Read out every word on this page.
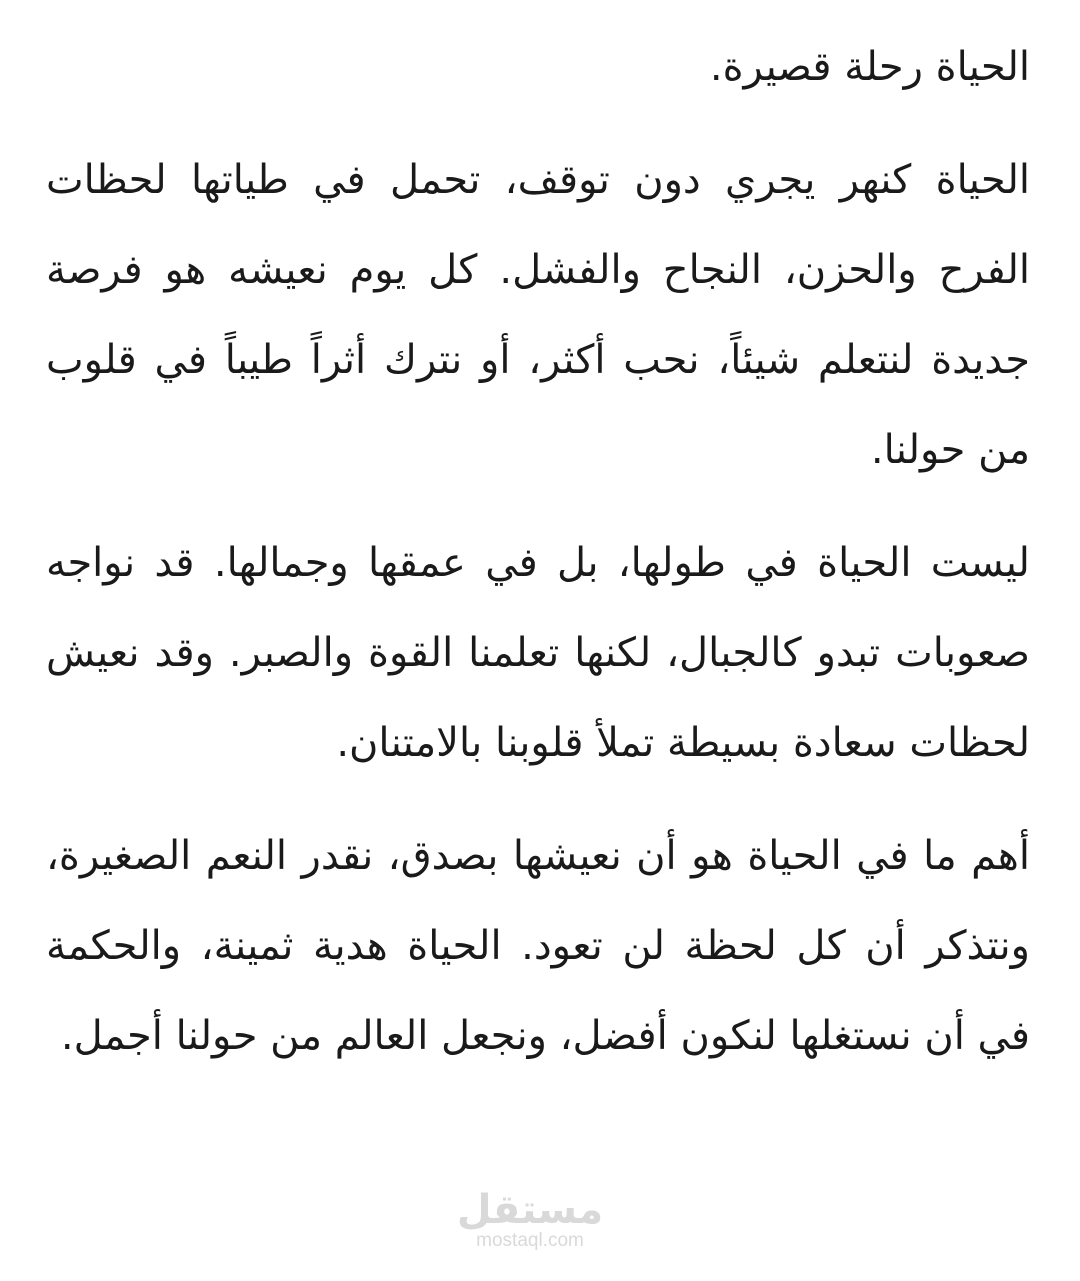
الحياة رحلة قصيرة.

الحياة كنهر يجري دون توقف، تحمل في طياتها لحظات الفرح والحزن، النجاح والفشل. كل يوم نعيشه هو فرصة جديدة لنتعلم شيئاً، نحب أكثر، أو نترك أثراً طيباً في قلوب من حولنا.

ليست الحياة في طولها، بل في عمقها وجمالها. قد نواجه صعوبات تبدو كالجبال، لكنها تعلمنا القوة والصبر. وقد نعيش لحظات سعادة بسيطة تملأ قلوبنا بالامتنان.

أهم ما في الحياة هو أن نعيشها بصدق، نقدر النعم الصغيرة، ونتذكر أن كل لحظة لن تعود. الحياة هدية ثمينة، والحكمة في أن نستغلها لنكون أفضل، ونجعل العالم من حولنا أجمل.

مستقل
mostaql.com
